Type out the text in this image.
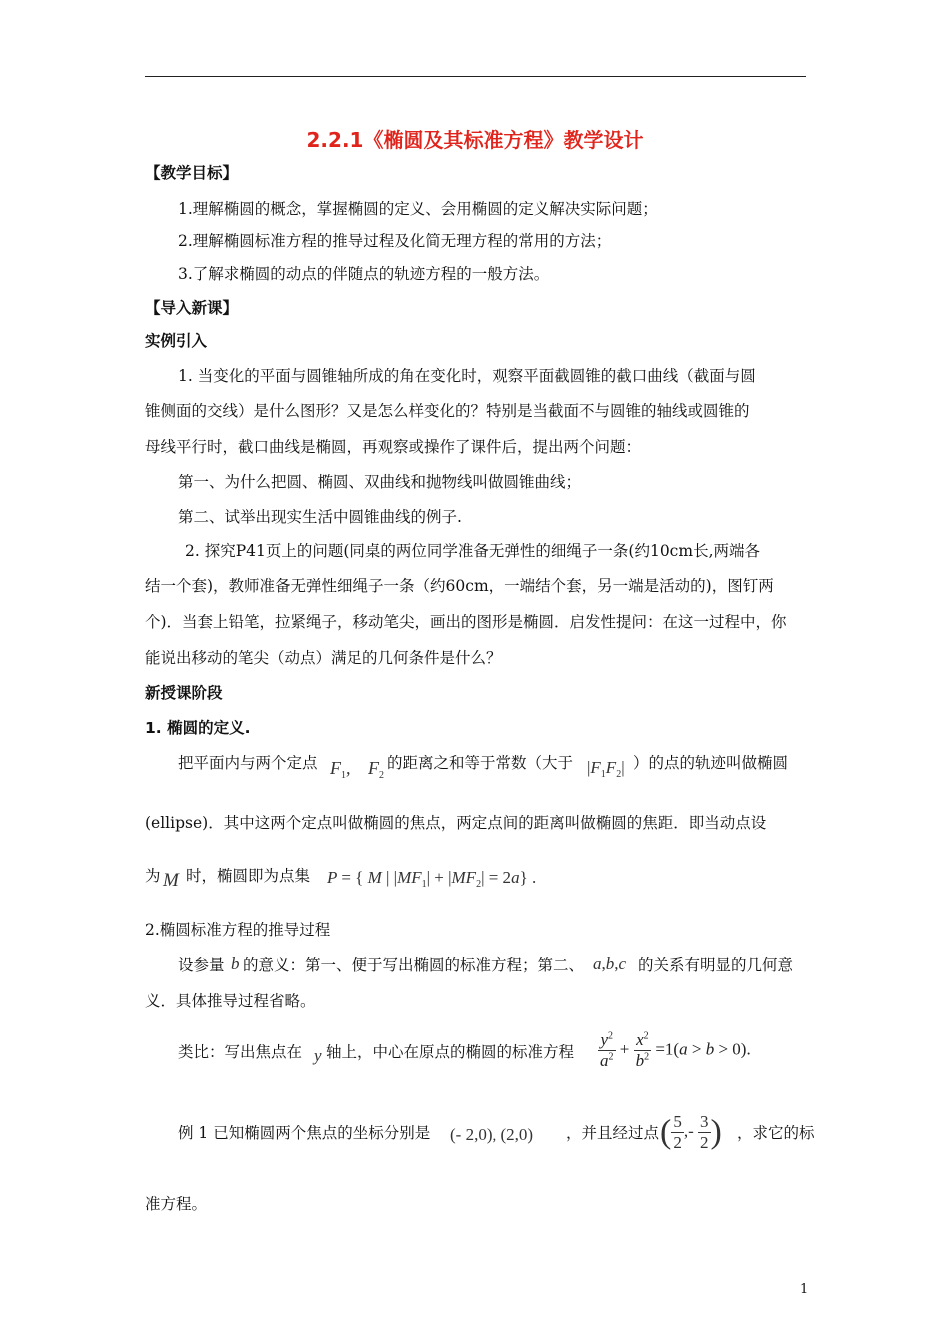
2.2.1《椭圆及其标准方程》教学设计
【教学目标】
1.理解椭圆的概念，掌握椭圆的定义、会用椭圆的定义解决实际问题；
2.理解椭圆标准方程的推导过程及化简无理方程的常用的方法；
3.了解求椭圆的动点的伴随点的轨迹方程的一般方法。
【导入新课】
实例引入
1. 当变化的平面与圆锥轴所成的角在变化时，观察平面截圆锥的截口曲线（截面与圆
锥侧面的交线）是什么图形？又是怎么样变化的？特别是当截面不与圆锥的轴线或圆锥的
母线平行时，截口曲线是椭圆，再观察或操作了课件后，提出两个问题：
第一、为什么把圆、椭圆、双曲线和抛物线叫做圆锥曲线；
第二、试举出现实生活中圆锥曲线的例子.
2. 探究P41页上的问题(同桌的两位同学准备无弹性的细绳子一条(约10cm长,两端各
结一个套)，教师准备无弹性细绳子一条（约60cm，一端结个套，另一端是活动的)，图钉两
个)．当套上铅笔，拉紧绳子，移动笔尖，画出的图形是椭圆．启发性提问：在这一过程中，你
能说出移动的笔尖（动点）满足的几何条件是什么？
新授课阶段
1. 椭圆的定义.
把平面内与两个定点 $F_1$, $F_2$
的距离之和等于常数（大于 $|F_1F_2|$ ）的点的轨迹叫做椭圆
(ellipse)．其中这两个定点叫做椭圆的焦点，两定点间的距离叫做椭圆的焦距．即当动点设
为 M 时，椭圆即为点集 P = { M | $|MF_1| + |MF_2| = 2a$} .
2.椭圆标准方程的推导过程
设参量 b 的意义：第一、便于写出椭圆的标准方程；第二、 a,b,c 的关系有明显的几何意
义．具体推导过程省略。
类比：写出焦点在 y 轴上，中心在原点的椭圆的标准方程 $\frac{y^2}{a^2} + \frac{x^2}{b^2} =1(a > b > 0)$.
例 1 已知椭圆两个焦点的坐标分别是 (- 2,0), (2,0) ，并且经过点 ( $\frac{5}{2}$ ,- $\frac{3}{2}$ ) ，求它的标
准方程。
1
